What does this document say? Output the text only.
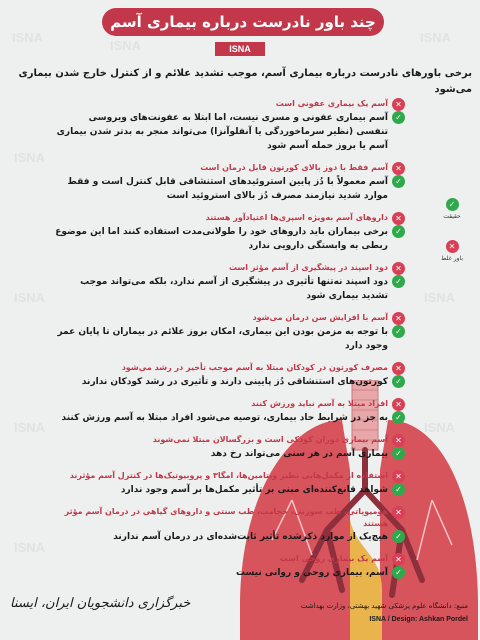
ISNA
ISNA
ISNA
ISNA
ISNA
ISNA
ISNA
ISNA
ISNA
چند باور نادرست درباره بیماری آسم
ISNA
برخی باورهای نادرست درباره بیماری آسم، موجب تشدید علائم و از کنترل خارج شدن بیماری می‌شود
✕
آسم یک بیماری عفونی است
✓
آسم بیماری عفونی و مسری نیست، اما ابتلا به عفونت‌های ویروسی تنفسی (نظیر سرماخوردگی یا آنفلوآنزا) می‌تواند منجر به بدتر شدن بیماری آسم یا بروز حمله آسم شود
✕
آسم فقط با دوز بالای کورتون قابل درمان است
✓
آسم معمولاً با دُز پایین استروئیدهای استنشاقی قابل کنترل است و فقط موارد شدید نیازمند مصرف دُز بالای استروئید است
✕
داروهای آسم به‌ویژه اسپری‌ها اعتیادآور هستند
✓
برخی بیماران باید داروهای خود را طولانی‌مدت استفاده کنند اما این موضوع ربطی به وابستگی دارویی ندارد
✕
دود اسپند در پیشگیری از آسم مؤثر است
✓
دود اسپند نه‌تنها تأثیری در پیشگیری از آسم ندارد، بلکه می‌تواند موجب تشدید بیماری شود
✕
آسم با افزایش سن درمان می‌شود
✓
با توجه به مزمن بودن این بیماری، امکان بروز علائم در بیماران تا پایان عمر وجود دارد
✕
مصرف کورتون در کودکان مبتلا به آسم موجب تأخیر در رشد می‌شود
✓
کورتون‌های استنشاقی دُز پایینی دارند و تأثیری در رشد کودکان ندارند
✕
افراد مبتلا به آسم نباید ورزش کنند
✓
به جز در شرایط حاد بیماری، توصیه می‌شود افراد مبتلا به آسم ورزش کنند
✕
آسم بیماری دوران کودکی است و بزرگسالان مبتلا نمی‌شوند
✓
بیماری آسم در هر سنی می‌تواند رخ دهد
✕
استفاده از مکمل‌هایی نظیر ویتامین‌ها، امگا۳ و پروبیوتیک‌ها در کنترل آسم مؤثرند
✓
شواهد قانع‌کننده‌ای مبنی بر تأثیر مکمل‌ها بر آسم وجود ندارد
✕
هومیوپاتی، طب سوزنی، حجامت، طب سنتی و داروهای گیاهی در درمان آسم مؤثر هستند
✓
هیچ‌یک از موارد ذکرشده تأثیر ثابت‌شده‌ای در درمان آسم ندارند
✕
آسم یک بیماری روحی است
✓
آسم، بیماری روحی و روانی نیست
✓
حقیقت
✕
باور غلط
خبرگزاری دانشجویان ایران، ایسنا	منبع: دانشگاه علوم پزشکی شهید بهشتی، وزارت بهداشت
ISNA / Design: Ashkan Pordel
